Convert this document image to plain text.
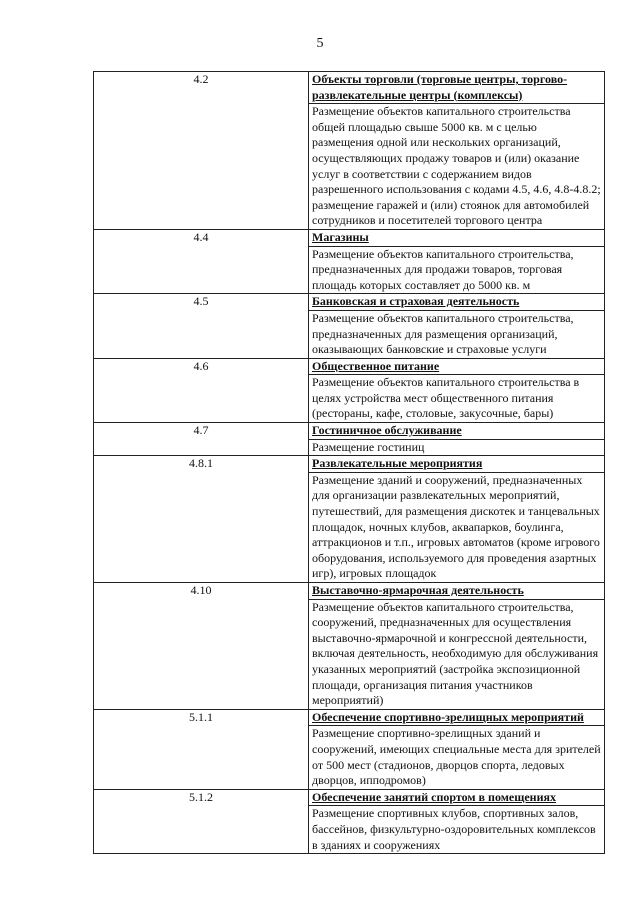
5
4.2	Объекты торговли (торговые центры, торгово-развлекательные центры (комплексы)
	Размещение объектов капитального строительства общей площадью свыше 5000 кв. м с целью размещения одной или нескольких организаций, осуществляющих продажу товаров и (или) оказание услуг в соответствии с содержанием видов разрешенного использования с кодами 4.5, 4.6, 4.8-4.8.2; размещение гаражей и (или) стоянок для автомобилей сотрудников и посетителей торгового центра
4.4	Магазины
	Размещение объектов капитального строительства, предназначенных для продажи товаров, торговая площадь которых составляет до 5000 кв. м
4.5	Банковская и страховая деятельность
	Размещение объектов капитального строительства, предназначенных для размещения организаций, оказывающих банковские и страховые услуги
4.6	Общественное питание
	Размещение объектов капитального строительства в целях устройства мест общественного питания (рестораны, кафе, столовые, закусочные, бары)
4.7	Гостиничное обслуживание
	Размещение гостиниц
4.8.1	Развлекательные мероприятия
	Размещение зданий и сооружений, предназначенных для организации развлекательных мероприятий, путешествий, для размещения дискотек и танцевальных площадок, ночных клубов, аквапарков, боулинга, аттракционов и т.п., игровых автоматов (кроме игрового оборудования, используемого для проведения азартных игр), игровых площадок
4.10	Выставочно-ярмарочная деятельность
	Размещение объектов капитального строительства, сооружений, предназначенных для осуществления выставочно-ярмарочной и конгрессной деятельности, включая деятельность, необходимую для обслуживания указанных мероприятий (застройка экспозиционной площади, организация питания участников мероприятий)
5.1.1	Обеспечение спортивно-зрелищных мероприятий
	Размещение спортивно-зрелищных зданий и сооружений, имеющих специальные места для зрителей от 500 мест (стадионов, дворцов спорта, ледовых дворцов, ипподромов)
5.1.2	Обеспечение занятий спортом в помещениях
	Размещение спортивных клубов, спортивных залов, бассейнов, физкультурно-оздоровительных комплексов в зданиях и сооружениях
